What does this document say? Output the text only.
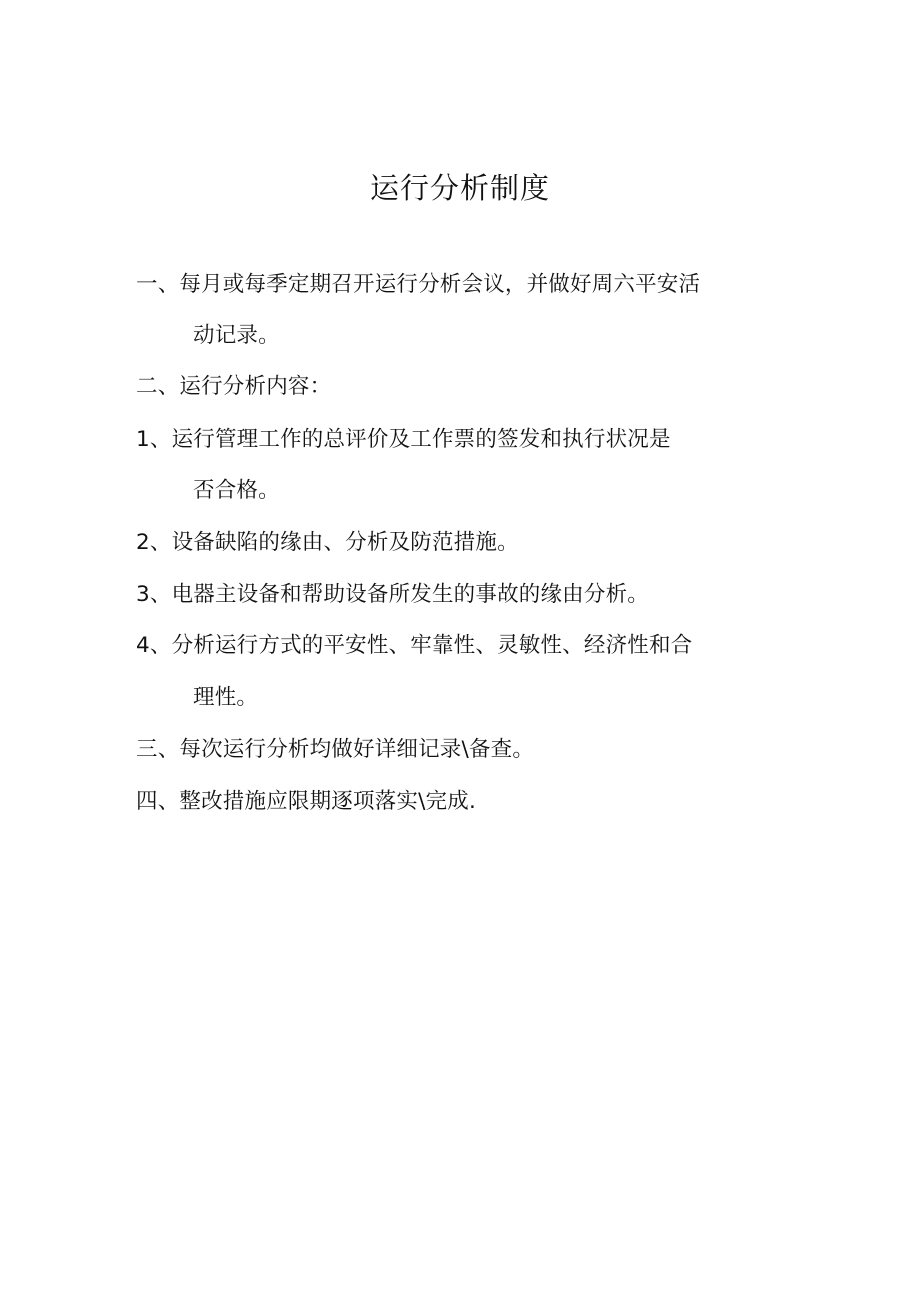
运行分析制度
一、每月或每季定期召开运行分析会议，并做好周六平安活
动记录。
二、运行分析内容：
1、运行管理工作的总评价及工作票的签发和执行状况是
否合格。
2、设备缺陷的缘由、分析及防范措施。
3、电器主设备和帮助设备所发生的事故的缘由分析。
4、分析运行方式的平安性、牢靠性、灵敏性、经济性和合
理性。
三、每次运行分析均做好详细记录\备查。
四、整改措施应限期逐项落实\完成.
